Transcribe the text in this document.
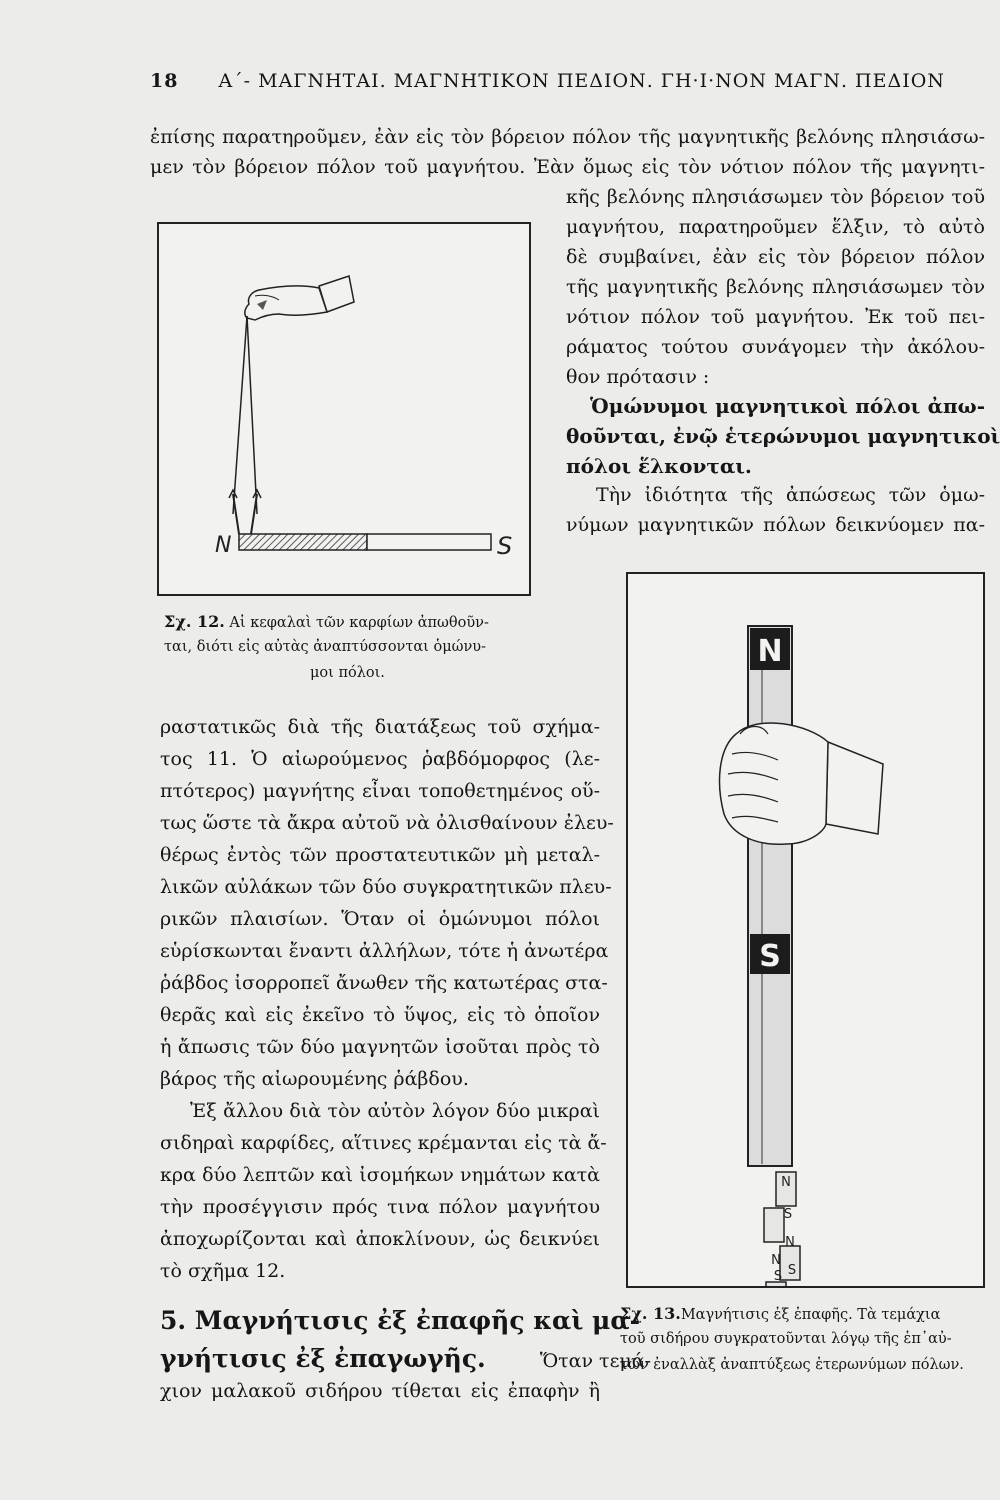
18 Α΄- ΜΑΓΝΗΤΑΙ. ΜΑΓΝΗΤΙΚΟΝ ΠΕΔΙΟΝ. ΓΗ·Ι·ΝΟΝ ΜΑΓΝ. ΠΕΔΙΟΝ
ἐπίσης παρατηροῦμεν, ἐὰν εἰς τὸν βόρειον πόλον τῆς μαγνητικῆς βελόνης πλησιάσω-
μεν τὸν βόρειον πόλον τοῦ μαγνήτου. Ἐὰν ὅμως εἰς τὸν νότιον πόλον τῆς μαγνητι-
κῆς βελόνης πλησιάσωμεν τὸν βόρειον τοῦ
μαγνήτου, παρατηροῦμεν ἕλξιν, τὸ αὐτὸ
δὲ συμβαίνει, ἐὰν εἰς τὸν βόρειον πόλον
τῆς μαγνητικῆς βελόνης πλησιάσωμεν τὸν
νότιον πόλον τοῦ μαγνήτου. Ἐκ τοῦ πει-
ράματος τούτου συνάγομεν τὴν ἀκόλου-
θον πρότασιν :
Ὁμώνυμοι μαγνητικοὶ πόλοι ἀπω-
θοῦνται, ἐνῷ ἑτερώνυμοι μαγνητικοὶ
πόλοι ἕλκονται.
Τὴν ἰδιότητα τῆς ἀπώσεως τῶν ὁμω-
νύμων μαγνητικῶν πόλων δεικνύομεν πα-
N	S
Σχ. 12. Αἱ κεφαλαὶ τῶν καρφίων ἀπωθοῦν-
ται, διότι εἰς αὐτὰς ἀναπτύσσονται ὁμώνυ-
μοι πόλοι.
ραστατικῶς διὰ τῆς διατάξεως τοῦ σχήμα-
τος 11. Ὁ αἰωρούμενος ῥαβδόμορφος (λε-
πτότερος) μαγνήτης εἶναι τοποθετημένος οὕ-
τως ὥστε τὰ ἄκρα αὐτοῦ νὰ ὀλισθαίνουν ἐλευ-
θέρως ἐντὸς τῶν προστατευτικῶν μὴ μεταλ-
λικῶν αὐλάκων τῶν δύο συγκρατητικῶν πλευ-
ρικῶν πλαισίων. Ὅταν οἱ ὁμώνυμοι πόλοι
εὑρίσκωνται ἔναντι ἀλλήλων, τότε ἡ ἀνωτέρα
ῥάβδος ἰσορροπεῖ ἄνωθεν τῆς κατωτέρας στα-
θερᾶς καὶ εἰς ἐκεῖνο τὸ ὕψος, εἰς τὸ ὁποῖον
ἡ ἄπωσις τῶν δύο μαγνητῶν ἰσοῦται πρὸς τὸ
βάρος τῆς αἰωρουμένης ῥάβδου.
Ἐξ ἄλλου διὰ τὸν αὐτὸν λόγον δύο μικραὶ
σιδηραὶ καρφίδες, αἵτινες κρέμανται εἰς τὰ ἄ-
κρα δύο λεπτῶν καὶ ἰσομήκων νημάτων κατὰ
τὴν προσέγγισιν πρός τινα πόλον μαγνήτου
ἀποχωρίζονται καὶ ἀποκλίνουν, ὡς δεικνύει
τὸ σχῆμα 12.
5. Μαγνήτισις ἐξ ἐπαφῆς καὶ μα-
γνήτισις ἐξ ἐπαγωγῆς.	Ὅταν τεμά-
χιον μαλακοῦ σιδήρου τίθεται εἰς ἐπαφὴν ἢ
N
S
N
S
N
S
N
S
Σχ. 13.Μαγνήτισις ἐξ ἐπαφῆς. Τὰ τεμάχια
τοῦ σιδήρου συγκρατοῦνται λόγῳ τῆς ἐπ᾽αὐ-
τῶν ἐναλλὰξ ἀναπτύξεως ἑτερωνύμων πόλων.
